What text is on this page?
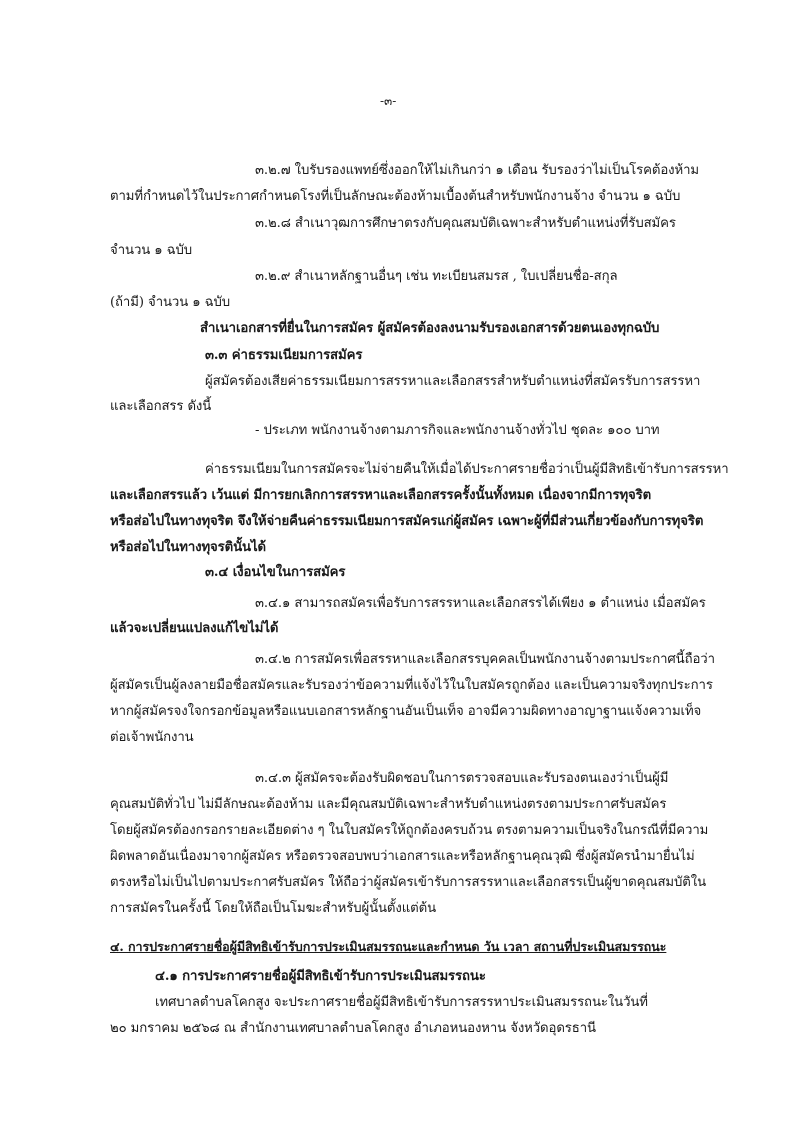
-๓-
๓.๒.๗ ใบรับรองแพทย์ซึ่งออกให้ไม่เกินกว่า ๑ เดือน รับรองว่าไม่เป็นโรคต้องห้าม
ตามที่กำหนดไว้ในประกาศกำหนดโรงที่เป็นลักษณะต้องห้ามเบื้องต้นสำหรับพนักงานจ้าง จำนวน ๑ ฉบับ
๓.๒.๘ สำเนาวุฒการศึกษาตรงกับคุณสมบัติเฉพาะสำหรับตำแหน่งที่รับสมัคร
จำนวน ๑ ฉบับ
๓.๒.๙ สำเนาหลักฐานอื่นๆ เช่น ทะเบียนสมรส , ใบเปลี่ยนชื่อ-สกุล
(ถ้ามี) จำนวน ๑ ฉบับ
สำเนาเอกสารที่ยื่นในการสมัคร ผู้สมัครต้องลงนามรับรองเอกสารด้วยตนเองทุกฉบับ
๓.๓ ค่าธรรมเนียมการสมัคร
ผู้สมัครต้องเสียค่าธรรมเนียมการสรรหาและเลือกสรรสำหรับตำแหน่งที่สมัครรับการสรรหา
และเลือกสรร ดังนี้
- ประเภท พนักงานจ้างตามภารกิจและพนักงานจ้างทั่วไป ชุดละ ๑๐๐ บาท
ค่าธรรมเนียมในการสมัครจะไม่จ่ายคืนให้เมื่อได้ประกาศรายชื่อว่าเป็นผู้มีสิทธิเข้ารับการสรรหา
และเลือกสรรแล้ว เว้นแต่ มีการยกเลิกการสรรหาและเลือกสรรครั้งนั้นทั้งหมด เนื่องจากมีการทุจริต
หรือส่อไปในทางทุจริต จึงให้จ่ายคืนค่าธรรมเนียมการสมัครแก่ผู้สมัคร เฉพาะผู้ที่มีส่วนเกี่ยวข้องกับการทุจริต
หรือส่อไปในทางทุจรตินั้นได้
๓.๔ เงื่อนไขในการสมัคร
๓.๔.๑ สามารถสมัครเพื่อรับการสรรหาและเลือกสรรได้เพียง ๑ ตำแหน่ง เมื่อสมัคร
แล้วจะเปลี่ยนแปลงแก้ไขไม่ได้
๓.๔.๒ การสมัครเพื่อสรรหาและเลือกสรรบุคคลเป็นพนักงานจ้างตามประกาศนี้ถือว่า
ผู้สมัครเป็นผู้ลงลายมือชื่อสมัครและรับรองว่าข้อความที่แจ้งไว้ในใบสมัครถูกต้อง และเป็นความจริงทุกประการ
หากผู้สมัครจงใจกรอกข้อมูลหรือแนบเอกสารหลักฐานอันเป็นเท็จ อาจมีความผิดทางอาญาฐานแจ้งความเท็จ
ต่อเจ้าพนักงาน
๓.๔.๓ ผู้สมัครจะต้องรับผิดชอบในการตรวจสอบและรับรองตนเองว่าเป็นผู้มี
คุณสมบัติทั่วไป ไม่มีลักษณะต้องห้าม และมีคุณสมบัติเฉพาะสำหรับตำแหน่งตรงตามประกาศรับสมัคร
โดยผู้สมัครต้องกรอกรายละเอียดต่าง ๆ ในใบสมัครให้ถูกต้องครบถ้วน ตรงตามความเป็นจริงในกรณีที่มีความ
ผิดพลาดอันเนื่องมาจากผู้สมัคร หรือตรวจสอบพบว่าเอกสารและหรือหลักฐานคุณวุฒิ ซึ่งผู้สมัครนำมายื่นไม่
ตรงหรือไม่เป็นไปตามประกาศรับสมัคร ให้ถือว่าผู้สมัครเข้ารับการสรรหาและเลือกสรรเป็นผู้ขาดคุณสมบัติใน
การสมัครในครั้งนี้ โดยให้ถือเป็นโมฆะสำหรับผู้นั้นตั้งแต่ต้น
๔. การประกาศรายชื่อผู้มีสิทธิเข้ารับการประเมินสมรรถนะและกำหนด วัน เวลา สถานที่ประเมินสมรรถนะ
๔.๑ การประกาศรายชื่อผู้มีสิทธิเข้ารับการประเมินสมรรถนะ
เทศบาลตำบลโคกสูง จะประกาศรายชื่อผู้มีสิทธิเข้ารับการสรรหาประเมินสมรรถนะในวันที่
๒๐ มกราคม ๒๕๖๘ ณ สำนักงานเทศบาลตำบลโคกสูง อำเภอหนองหาน จังหวัดอุดรธานี
